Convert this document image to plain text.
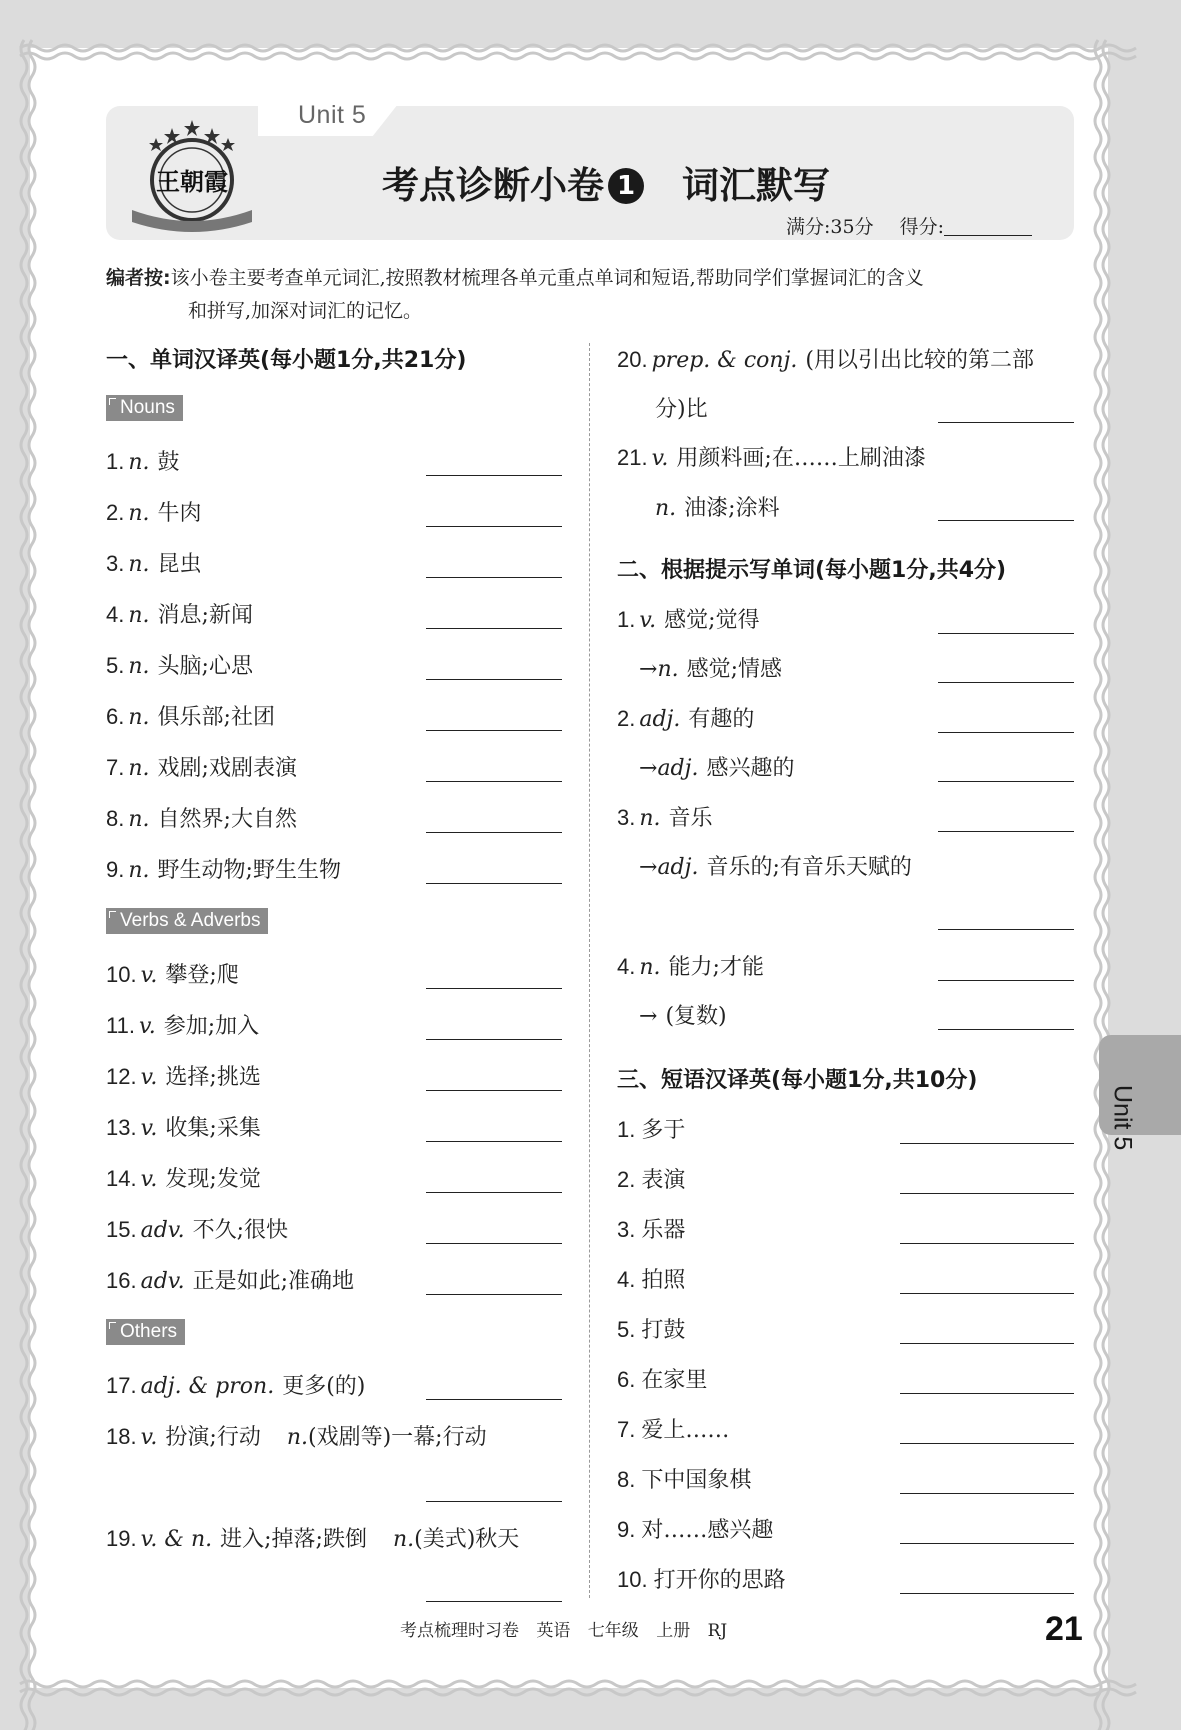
Unit 5
王朝霞	考点诊断小卷 1 词汇默写
满分:35分 得分:
编者按:该小卷主要考查单元词汇,按照教材梳理各单元重点单词和短语,帮助同学们掌握词汇的含义
和拼写,加深对词汇的记忆。
一、单词汉译英(每小题1分,共21分)
Nouns
1. n. 鼓
2. n. 牛肉
3. n. 昆虫
4. n. 消息;新闻
5. n. 头脑;心思
6. n. 俱乐部;社团
7. n. 戏剧;戏剧表演
8. n. 自然界;大自然
9. n. 野生动物;野生生物
Verbs & Adverbs
10. v. 攀登;爬
11. v. 参加;加入
12. v. 选择;挑选
13. v. 收集;采集
14. v. 发现;发觉
15. adv. 不久;很快
16. adv. 正是如此;准确地
Others
17. adj. & pron. 更多(的)
18. v. 扮演;行动 n.(戏剧等)一幕;行动
19. v. & n. 进入;掉落;跌倒 n.(美式)秋天
20. prep. & conj. (用以引出比较的第二部
分)比
21. v. 用颜料画;在……上刷油漆
n. 油漆;涂料
二、根据提示写单词(每小题1分,共4分)
1. v. 感觉;觉得
→n. 感觉;情感
2. adj. 有趣的
→adj. 感兴趣的
3. n. 音乐
→adj. 音乐的;有音乐天赋的
4. n. 能力;才能
→ (复数)
三、短语汉译英(每小题1分,共10分)
1. 多于
2. 表演
3. 乐器
4. 拍照
5. 打鼓
6. 在家里
7. 爱上……
8. 下中国象棋
9. 对……感兴趣
10. 打开你的思路
Unit 5
考点梳理时习卷 英语 七年级 上册 RJ	21
